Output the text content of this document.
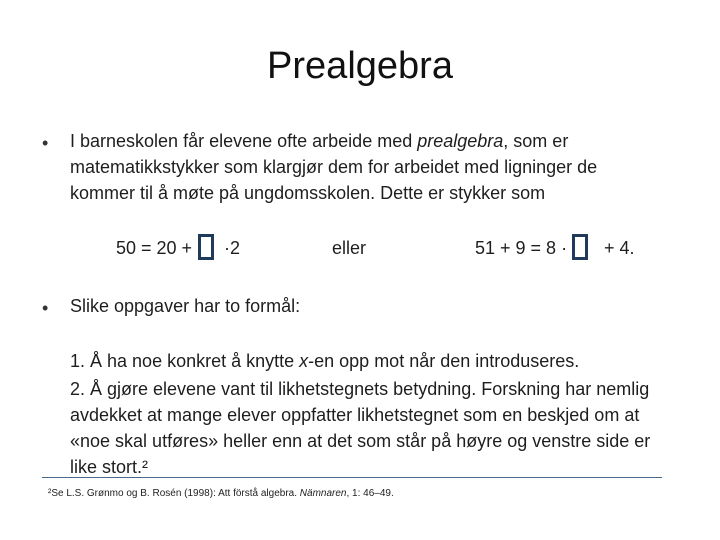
Prealgebra
• I barneskolen får elevene ofte arbeide med prealgebra, som er matematikkstykker som klargjør dem for arbeidet med ligninger de kommer til å møte på ungdomsskolen. Dette er stykker som
50 = 20 + ·2	eller	51 + 9 = 8 · + 4.
• Slike oppgaver har to formål:
1. Å ha noe konkret å knytte x-en opp mot når den introduseres.
2. Å gjøre elevene vant til likhetstegnets betydning. Forskning har nemlig avdekket at mange elever oppfatter likhetstegnet som en beskjed om at «noe skal utføres» heller enn at det som står på høyre og venstre side er like stort.²
²Se L.S. Grønmo og B. Rosén (1998): Att förstå algebra. Nämnaren, 1: 46–49.
